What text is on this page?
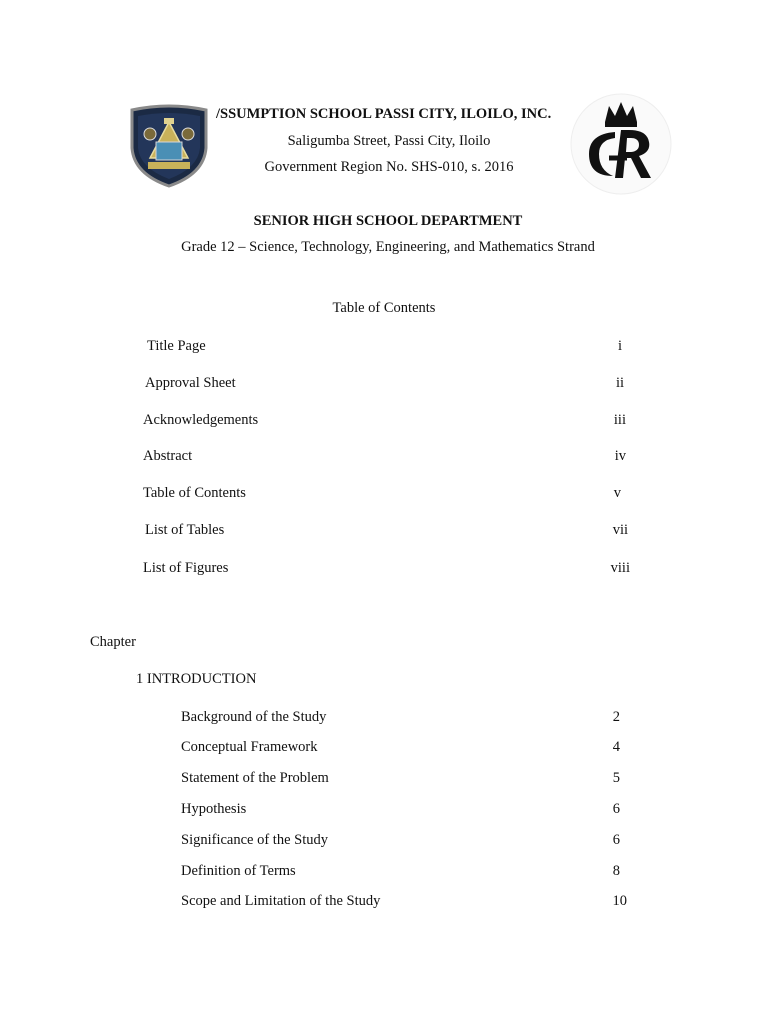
/SSUMPTION SCHOOL PASSI CITY, ILOILO, INC.
Saligumba Street, Passi City, Iloilo
Government Region No. SHS-010, s. 2016
SENIOR HIGH SCHOOL DEPARTMENT
Grade 12 – Science, Technology, Engineering, and Mathematics Strand
Table of Contents
Title Page	i
Approval Sheet	ii
Acknowledgements	iii
Abstract	iv
Table of Contents	v
List of Tables	vii
List of Figures	viii
Chapter
1 INTRODUCTION
Background of the Study	2
Conceptual Framework	4
Statement of the Problem	5
Hypothesis	6
Significance of the Study	6
Definition of Terms	8
Scope and Limitation of the Study	10
